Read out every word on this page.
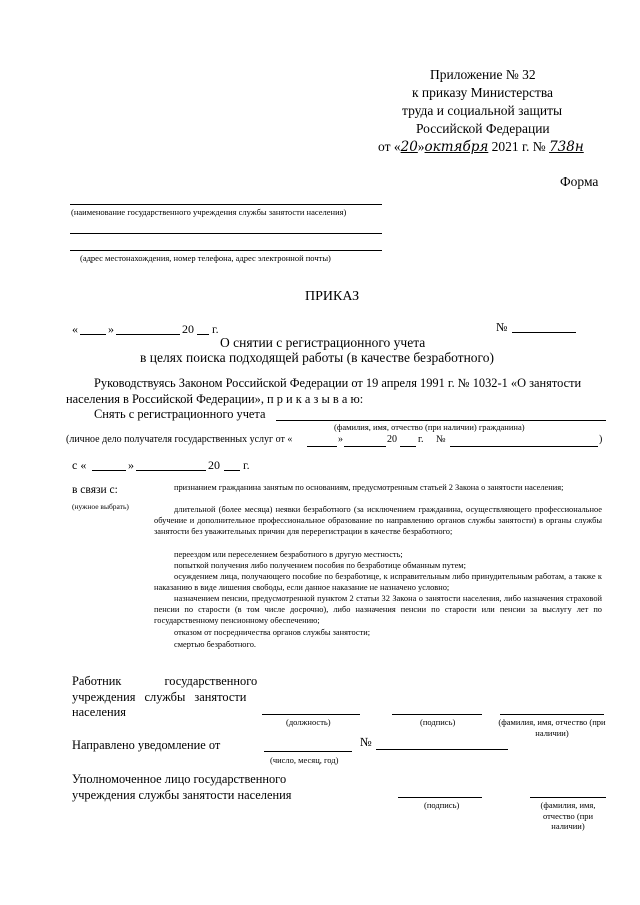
Приложение № 32
к приказу Министерства
труда и социальной защиты
Российской Федерации
от «20»октября 2021 г. № 738н
Форма
(наименование государственного учреждения службы занятости населения)
(адрес местонахождения, номер телефона, адрес электронной почты)
ПРИКАЗ
«	»	20 г.	№
О снятии с регистрационного учета
в целях поиска подходящей работы (в качестве безработного)
Руководствуясь Законом Российской Федерации от 19 апреля 1991 г. № 1032-1 «О занятости
населения в Российской Федерации», п р и к а з ы в а ю:
Снять с регистрационного учета
(фамилия, имя, отчество (при наличии) гражданина)
(личное дело получателя государственных услуг от «	»	20 г. №	)
с «	»	20 г.
в связи с:
(нужное выбрать)
признанием гражданина занятым по основаниям, предусмотренным статьей 2 Закона о занятости населения;
длительной (более месяца) неявки безработного (за исключением гражданина, осуществляющего профессиональное обучение и дополнительное профессиональное образование по направлению органов службы занятости) в органы службы занятости без уважительных причин для перерегистрации в качестве безработного;
переездом или переселением безработного в другую местность;
попыткой получения либо получением пособия по безработице обманным путем;
осуждением лица, получающего пособие по безработице, к исправительным либо принудительным работам, а также к наказанию в виде лишения свободы, если данное наказание не назначено условно;
назначением пенсии, предусмотренной пунктом 2 статьи 32 Закона о занятости населения, либо назначения страховой пенсии по старости (в том числе досрочно), либо назначения пенсии по старости или пенсии за выслугу лет по государственному пенсионному обеспечению;
отказом от посредничества органов службы занятости;
смертью безработного.
Работник государственного
учреждения службы занятости
населения
(должность)	(подпись)	(фамилия, имя, отчество (при наличии)
Направлено уведомление от	№
(число, месяц, год)
Уполномоченное лицо государственного
учреждения службы занятости населения
(подпись)	(фамилия, имя, отчество (при наличии)
